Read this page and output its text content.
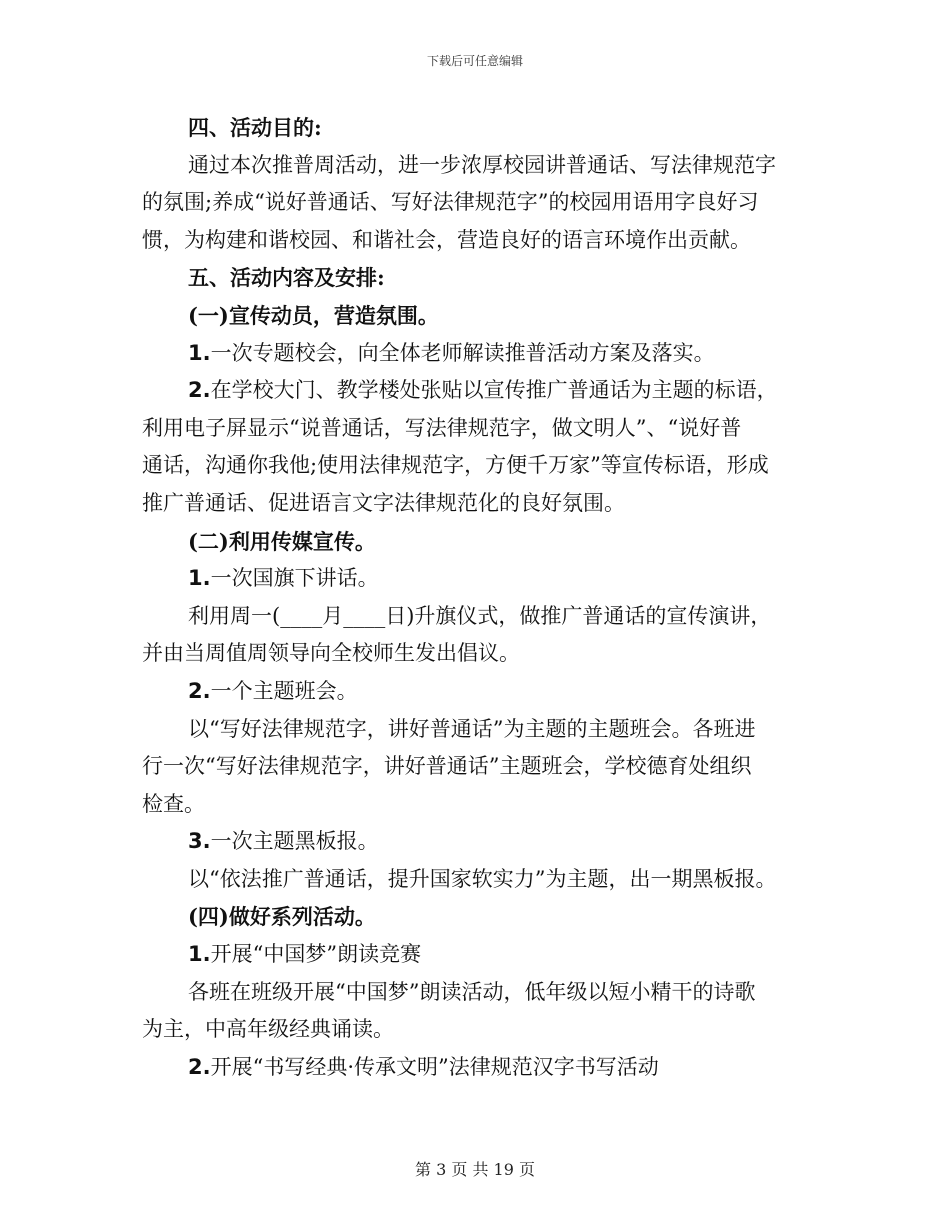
下载后可任意编辑
四、活动目的:
通过本次推普周活动，进一步浓厚校园讲普通话、写法律规范字
的氛围;养成“说好普通话、写好法律规范字”的校园用语用字良好习
惯，为构建和谐校园、和谐社会，营造良好的语言环境作出贡献。
五、活动内容及安排:
(一)宣传动员，营造氛围。
1.一次专题校会，向全体老师解读推普活动方案及落实。
2.在学校大门、教学楼处张贴以宣传推广普通话为主题的标语，
利用电子屏显示“说普通话，写法律规范字，做文明人”、“说好普
通话，沟通你我他;使用法律规范字，方便千万家”等宣传标语，形成
推广普通话、促进语言文字法律规范化的良好氛围。
(二)利用传媒宣传。
1.一次国旗下讲话。
利用周一(____月____日)升旗仪式，做推广普通话的宣传演讲，
并由当周值周领导向全校师生发出倡议。
2.一个主题班会。
以“写好法律规范字，讲好普通话”为主题的主题班会。各班进
行一次“写好法律规范字，讲好普通话”主题班会，学校德育处组织
检查。
3.一次主题黑板报。
以“依法推广普通话，提升国家软实力”为主题，出一期黑板报。
(四)做好系列活动。
1.开展“中国梦”朗读竞赛
各班在班级开展“中国梦”朗读活动，低年级以短小精干的诗歌
为主，中高年级经典诵读。
2.开展“书写经典·传承文明”法律规范汉字书写活动
第 3 页 共 19 页
